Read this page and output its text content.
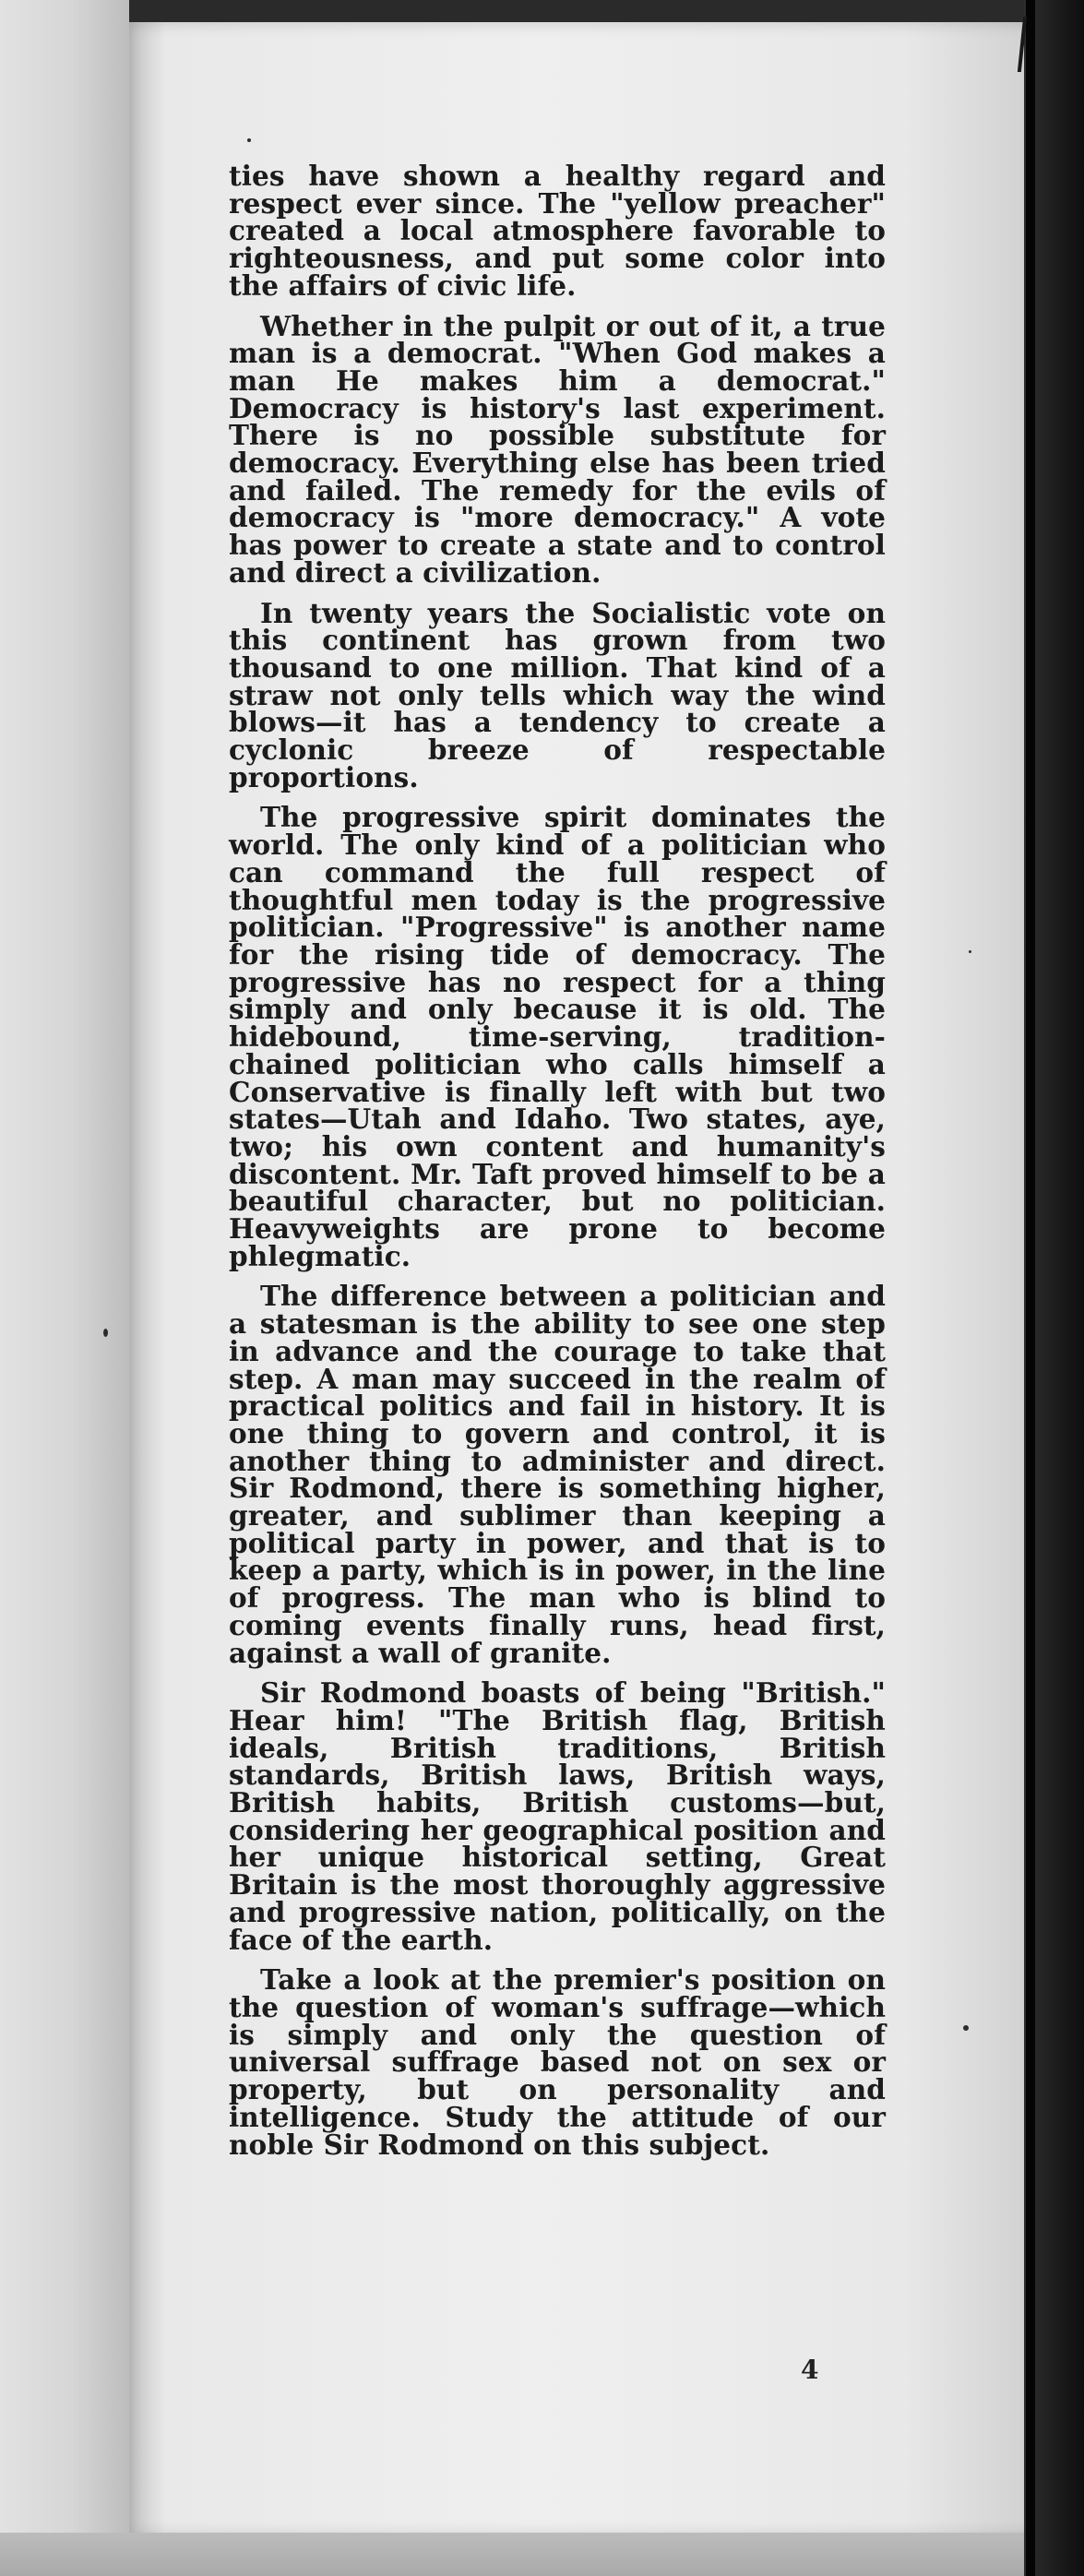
ties have shown a healthy regard and respect ever since. The "yellow preacher" created a local atmosphere favorable to righteousness, and put some color into the affairs of civic life.

Whether in the pulpit or out of it, a true man is a democrat. "When God makes a man He makes him a democrat." Democracy is history's last experiment. There is no possible substitute for democracy. Everything else has been tried and failed. The remedy for the evils of democracy is "more democracy." A vote has power to create a state and to control and direct a civilization.

In twenty years the Socialistic vote on this continent has grown from two thousand to one million. That kind of a straw not only tells which way the wind blows—it has a tendency to create a cyclonic breeze of respectable proportions.

The progressive spirit dominates the world. The only kind of a politician who can command the full respect of thoughtful men today is the progressive politician. "Progressive" is another name for the rising tide of democracy. The progressive has no respect for a thing simply and only because it is old. The hidebound, time-serving, tradition-chained politician who calls himself a Conservative is finally left with but two states—Utah and Idaho. Two states, aye, two; his own content and humanity's discontent. Mr. Taft proved himself to be a beautiful character, but no politician. Heavyweights are prone to become phlegmatic.

The difference between a politician and a statesman is the ability to see one step in advance and the courage to take that step. A man may succeed in the realm of practical politics and fail in history. It is one thing to govern and control, it is another thing to administer and direct. Sir Rodmond, there is something higher, greater, and sublimer than keeping a political party in power, and that is to keep a party, which is in power, in the line of progress. The man who is blind to coming events finally runs, head first, against a wall of granite.

Sir Rodmond boasts of being "British." Hear him! "The British flag, British ideals, British traditions, British standards, British laws, British ways, British habits, British customs—but, considering her geographical position and her unique historical setting, Great Britain is the most thoroughly aggressive and progressive nation, politically, on the face of the earth.

Take a look at the premier's position on the question of woman's suffrage—which is simply and only the question of universal suffrage based not on sex or property, but on personality and intelligence. Study the attitude of our noble Sir Rodmond on this subject.

4
